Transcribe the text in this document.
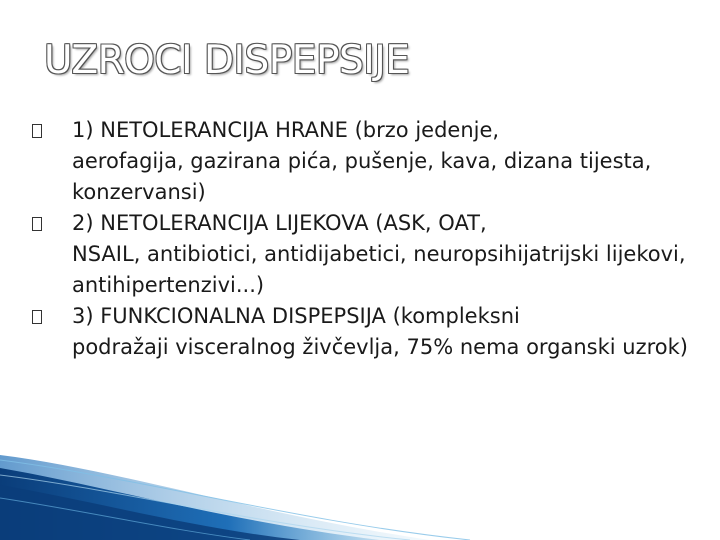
UZROCI DISPEPSIJE
1) NETOLERANCIJA HRANE (brzo jedenje,
aerofagija, gazirana pića, pušenje, kava, dizana tijesta, konzervansi)
2) NETOLERANCIJA LIJEKOVA (ASK, OAT,
NSAIL, antibiotici, antidijabetici, neuropsihijatrijski lijekovi, antihipertenzivi...)
3) FUNKCIONALNA DISPEPSIJA (kompleksni
podražaji visceralnog živčevlja, 75% nema organski uzrok)
